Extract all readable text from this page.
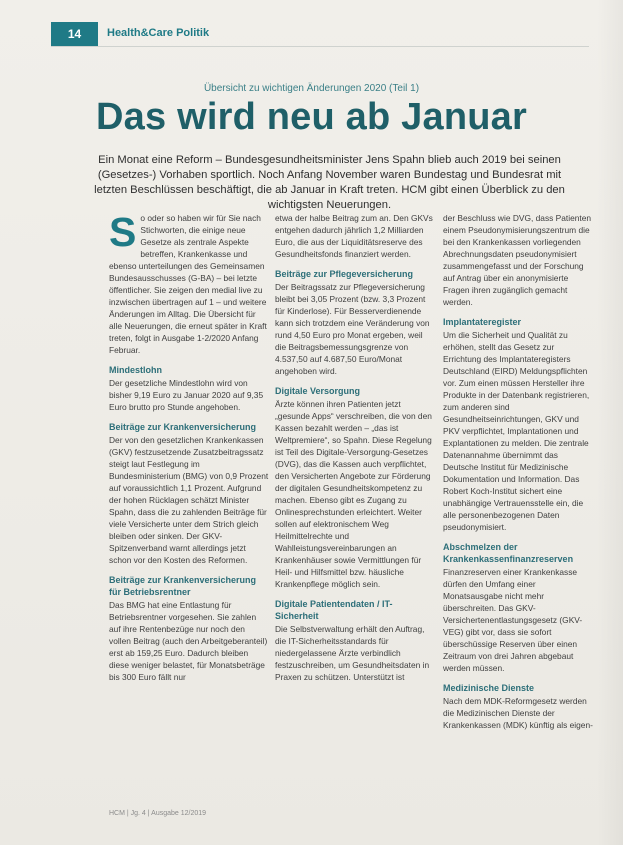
14 Health&Care Politik
Übersicht zu wichtigen Änderungen 2020 (Teil 1)
Das wird neu ab Januar
Ein Monat eine Reform – Bundesgesundheitsminister Jens Spahn blieb auch 2019 bei seinen (Gesetzes-) Vorhaben sportlich. Noch Anfang November waren Bundestag und Bundesrat mit letzten Beschlüssen beschäftigt, die ab Januar in Kraft treten. HCM gibt einen Überblick zu den wichtigsten Neuerungen.
So oder so haben wir für Sie nach Stichworten, die einige neue Gesetze als zentrale Aspekte betreffen, Krankenkasse und ebenso unterteilungen des Gemeinsamen Bundesausschusses (G-BA) – bei letzte öffentlicher. Sie zeigen den medial live zu inzwischen übertragen auf 1 – und weitere Änderungen im Alltag. Die Übersicht für alle Neuerungen, die erneut später in Kraft treten, folgt in Ausgabe 1-2/2020 Anfang Februar.
Mindestlohn

Der gesetzliche Mindestlohn wird von bisher 9,19 Euro zu Januar 2020 auf 9,35 Euro brutto pro Stunde angehoben.

Beiträge zur Krankenversicherung

Der von den gesetzlichen Krankenkassen (GKV) festzusetzende Zusatzbeitragssatz steigt laut Festlegung im Bundesministerium (BMG) von 0,9 Prozent auf voraussichtlich 1,1 Prozent. Aufgrund der hohen Rücklagen schätzt Minister Spahn, dass die zu zahlenden Beiträge für viele Versicherte unter dem Strich gleich bleiben oder sinken. Der GKV-Spitzenverband warnt allerdings jetzt schon vor den Kosten des Reformen.

Beiträge zur Krankenversicherung für Betriebsrentner

Das BMG hat eine Entlastung für Betriebsrentner vorgesehen. Sie zahlen auf ihre Rentenbezüge nur noch den vollen Beitrag (auch den Arbeitgeberanteil) erst ab 159,25 Euro. Dadurch bleiben diese weniger belastet, für Monatsbeträge bis 300 Euro fällt nur

etwa der halbe Beitrag zum an. Den GKVs entgehen dadurch jährlich 1,2 Milliarden Euro, die aus der Liquiditätsreserve des Gesundheitsfonds finanziert werden.

Beiträge zur Pflegeversicherung

Der Beitragssatz zur Pflegeversicherung bleibt bei 3,05 Prozent (bzw. 3,3 Prozent für Kinderlose). Für Besserverdienende kann sich trotzdem eine Veränderung von rund 4,50 Euro pro Monat ergeben, weil die Beitragsbemessungsgrenze von 4.537,50 auf 4.687,50 Euro/Monat angehoben wird.

Digitale Versorgung

Ärzte können ihren Patienten jetzt „gesunde Apps“ verschreiben, die von den Kassen bezahlt werden – „das ist Weltpremiere“, so Spahn. Diese Regelung ist Teil des Digitale-Versorgung-Gesetzes (DVG), das die Kassen auch verpflichtet, den Versicherten Angebote zur Förderung der digitalen Gesundheitskompetenz zu machen. Ebenso gibt es Zugang zu Onlinesprechstunden erleichtert. Weiter sollen auf elektronischem Weg Heilmittelrechte und Wahlleistungsvereinbarungen an Krankenhäuser sowie Vermittlungen für Heil- und Hilfsmittel bzw. häusliche Krankenpflege möglich sein.

Digitale Patientendaten / IT-Sicherheit

Die Selbstverwaltung erhält den Auftrag, die IT-Sicherheitsstandards für niedergelassene Ärzte verbindlich festzuschreiben, um Gesundheitsdaten in Praxen zu schützen. Unterstützt ist

der Beschluss wie DVG, dass Patienten einem Pseudonymisierungszentrum die bei den Krankenkassen vorliegenden Abrechnungsdaten pseudonymisiert zusammengefasst und der Forschung auf Antrag über ein anonymisierte Fragen ihren zugänglich gemacht werden.

Implantateregister

Um die Sicherheit und Qualität zu erhöhen, stellt das Gesetz zur Errichtung des Implantateregisters Deutschland (EIRD) Meldungspflichten vor. Zum einen müssen Hersteller ihre Produkte in der Datenbank registrieren, zum anderen sind Gesundheitseinrichtungen, GKV und PKV verpflichtet, Implantationen und Explantationen zu melden. Die zentrale Datenannahme übernimmt das Deutsche Institut für Medizinische Dokumentation und Information. Das Robert Koch-Institut sichert eine unabhängige Vertrauensstelle ein, die alle personenbezogenen Daten pseudonymisiert.

Abschmelzen der Krankenkassenfinanzreserven

Finanzreserven einer Krankenkasse dürfen den Umfang einer Monatsausgabe nicht mehr überschreiten. Das GKV-Versichertenentlastungsgesetz (GKV-VEG) gibt vor, dass sie sofort überschüssige Reserven über einen Zeitraum von drei Jahren abgebaut werden müssen.

Medizinische Dienste

Nach dem MDK-Reformgesetz werden die Medizinischen Dienste der Krankenkassen (MDK) künftig als eigen-

HCM | Jg. 4 | Ausgabe 12/2019
